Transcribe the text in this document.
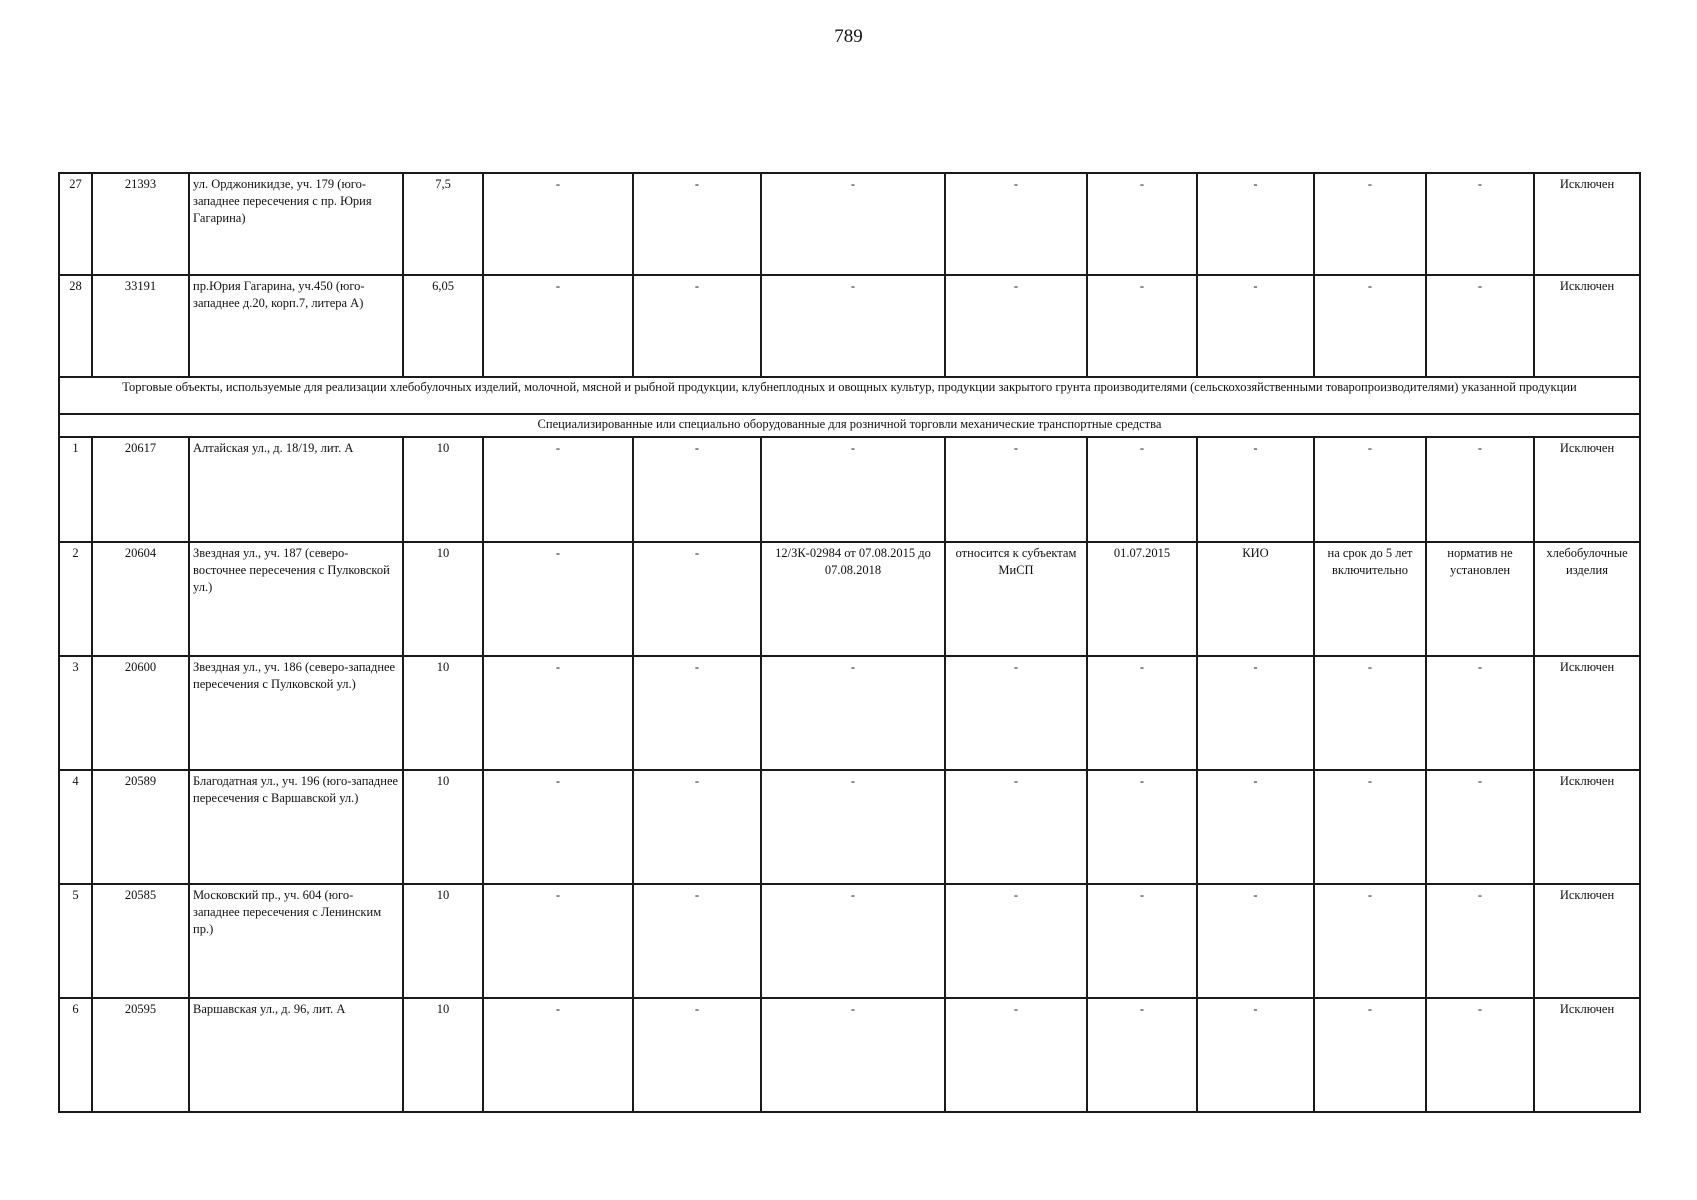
789
27	21393	ул. Орджоникидзе, уч. 179 (юго-западнее пересечения с пр. Юрия Гагарина)	7,5	-	-	-	-	-	-	-	-	Исключен
28	33191	пр.Юрия Гагарина, уч.450 (юго-западнее д.20, корп.7, литера А)	6,05	-	-	-	-	-	-	-	-	Исключен
Торговые объекты, используемые для реализации хлебобулочных изделий, молочной, мясной и рыбной продукции, клубнеплодных и овощных культур, продукции закрытого грунта производителями (сельскохозяйственными товаропроизводителями) указанной продукции												
Специализированные или специально оборудованные для розничной торговли механические транспортные средства												
1	20617	Алтайская ул., д. 18/19, лит. А	10	-	-	-	-	-	-	-	-	Исключен
2	20604	Звездная ул., уч. 187 (северо-восточнее пересечения с Пулковской ул.)	10	-	-	12/ЗК-02984 от 07.08.2015 до 07.08.2018	относится к субъектам МиСП	01.07.2015	КИО	на срок до 5 лет включительно	норматив не установлен	хлебобулочные изделия
3	20600	Звездная ул., уч. 186 (северо-западнее пересечения с Пулковской ул.)	10	-	-	-	-	-	-	-	-	Исключен
4	20589	Благодатная ул., уч. 196 (юго-западнее пересечения с Варшавской ул.)	10	-	-	-	-	-	-	-	-	Исключен
5	20585	Московский пр., уч. 604 (юго-западнее пересечения с Ленинским пр.)	10	-	-	-	-	-	-	-	-	Исключен
6	20595	Варшавская ул., д. 96, лит. А	10	-	-	-	-	-	-	-	-	Исключен
